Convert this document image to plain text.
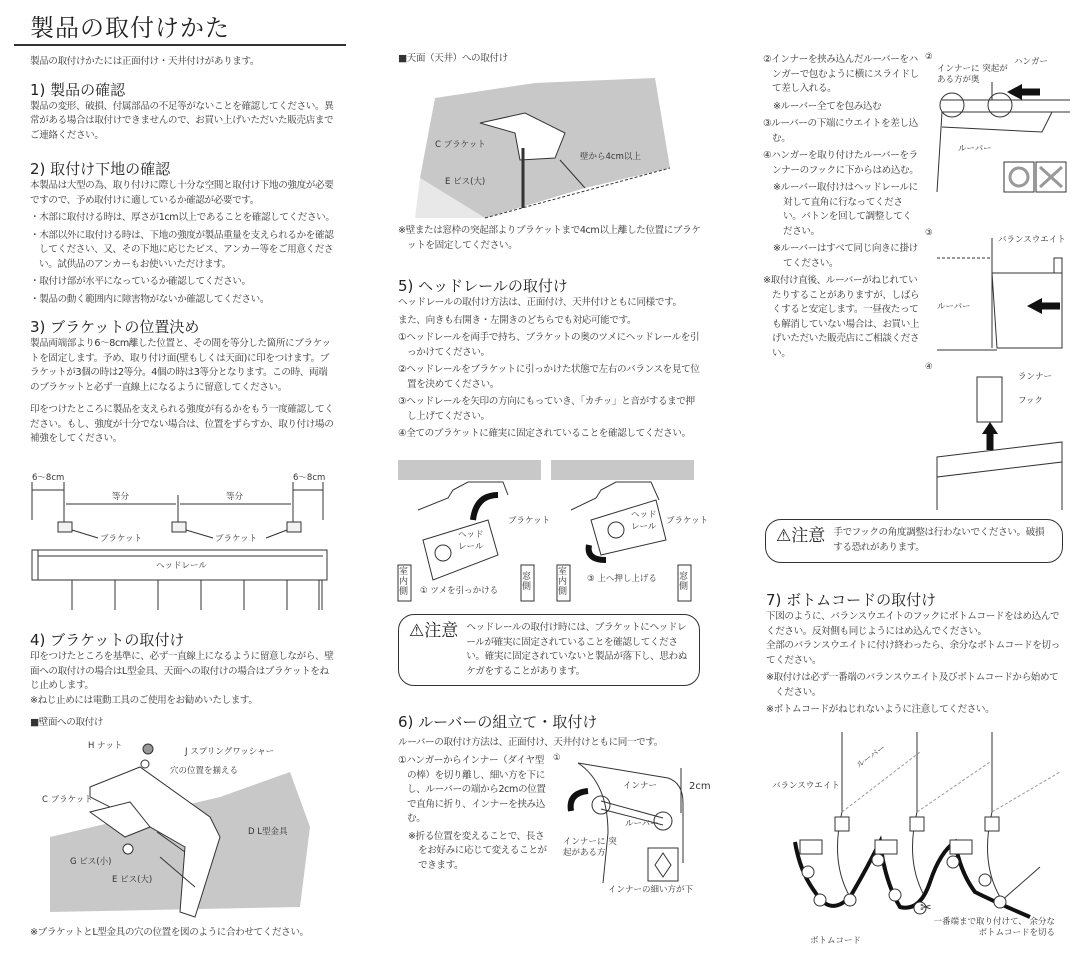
製品の取付けかた
製品の取付けかたには正面付け・天井付けがあります。
1) 製品の確認
製品の変形、破損、付属部品の不足等がないことを確認してください。異常がある場合は取付けできませんので、お買い上げいただいた販売店までご連絡ください。
2) 取付け下地の確認
本製品は大型の為、取り付けに際し十分な空間と取付け下地の強度が必要ですので、予め取付けに適しているか確認が必要です。
・木部に取付ける時は、厚さが1cm以上であることを確認してください。
・木部以外に取付ける時は、下地の強度が製品重量を支えられるかを確認してください、又、その下地に応じたビス、アンカー等をご用意ください。試供品のアンカーもお使いいただけます。
・取付け部が水平になっているか確認してください。
・製品の動く範囲内に障害物がないか確認してください。
3) ブラケットの位置決め
製品両端部より6〜8cm離した位置と、その間を等分した箇所にブラケットを固定します。予め、取り付け面(壁もしくは天面)に印をつけます。ブラケットが3個の時は2等分。4個の時は3等分となります。この時、両端のブラケットと必ず一直線上になるように留意してください。
印をつけたところに製品を支えられる強度が有るかをもう一度確認してください。もし、強度が十分でない場合は、位置をずらすか、取り付け場の補強をしてください。
6〜8cm	6〜8cm
等分	等分
ブラケット	ブラケット
ヘッドレール
4) ブラケットの取付け
印をつけたところを基準に、必ず一直線上になるように留意しながら、壁面への取付けの場合はL型金具、天面への取付けの場合はブラケットをねじ止めします。
※ねじ止めには電動工具のご使用をお勧めいたします。
■壁面への取付け
H ナット
J スプリングワッシャー
穴の位置を揃える
C ブラケット
D L型金具
G ビス(小)
E ビス(大)
※ブラケットとL型金具の穴の位置を図のように合わせてください。
■天面（天井）への取付け
C ブラケット
E ビス(大)
壁から4cm以上
※壁または窓枠の突起部よりブラケットまで4cm以上離した位置にブラケットを固定してください。
5) ヘッドレールの取付け
ヘッドレールの取付け方法は、正面付け、天井付けともに同様です。
また、向きも右開き・左開きのどちらでも対応可能です。
①ヘッドレールを両手で持ち、ブラケットの奥のツメにヘッドレールを引っかけてください。
②ヘッドレールをブラケットに引っかけた状態で左右のバランスを見て位置を決めてください。
③ヘッドレールを矢印の方向にもっていき、「カチッ」と音がするまで押し上げてください。
④全てのブラケットに確実に固定されていることを確認してください。
ブラケット
ヘッド レール
室内側
窓側
① ツメを引っかける
ブラケット
ヘッド レール
室内側
窓側
③ 上へ押し上げる
⚠注意 ヘッドレールの取付け時には、ブラケットにヘッドレールが確実に固定されていることを確認してください。確実に固定されていないと製品が落下し、思わぬケガをすることがあります。
6) ルーバーの組立て・取付け
ルーバーの取付け方法は、正面付け、天井付けともに同一です。
①ハンガーからインナー（ダイヤ型の棒）を切り離し、細い方を下にし、ルーバーの端から2cmの位置で直角に折り、インナーを挟み込む。
※折る位置を変えることで、長さをお好みに応じて変えることができます。
①
インナー	2cm
ルーバー
インナーに 突起がある方
インナーの細い方が下
②インナーを挟み込んだルーバーをハンガーで包むように横にスライドして差し入れる。
※ルーバー全てを包み込む
③ルーバーの下端にウエイトを差し込む。
④ハンガーを取り付けたルーバーをランナーのフックに下からはめ込む。
※ルーバー取付けはヘッドレールに対して直角に行なってください。バトンを回して調整してください。
※ルーバーはすべて同じ向きに掛けてください。
※取付け直後、ルーバーがねじれていたりすることがありますが、しばらくすると安定します。一昼夜たっても解消していない場合は、お買い上げいただいた販売店にご相談ください。
②
インナーに 突起がある方が奥
ハンガー
ルーバー
③
バランスウエイト
ルーバー
④
ランナー
フック
⚠注意 手でフックの角度調整は行わないでください。破損する恐れがあります。
7) ボトムコードの取付け
下図のように、バランスウエイトのフックにボトムコードをはめ込んでください。反対側も同じようにはめ込んでください。
全部のバランスウエイトに付け終わったら、余分なボトムコードを切ってください。
※取付けは必ず一番端のバランスウエイト及びボトムコードから始めてください。
※ボトムコードがねじれないように注意してください。
ルーバー
バランスウエイト
ボトムコード
一番端まで取り付けて、 余分なボトムコードを切る
✂
